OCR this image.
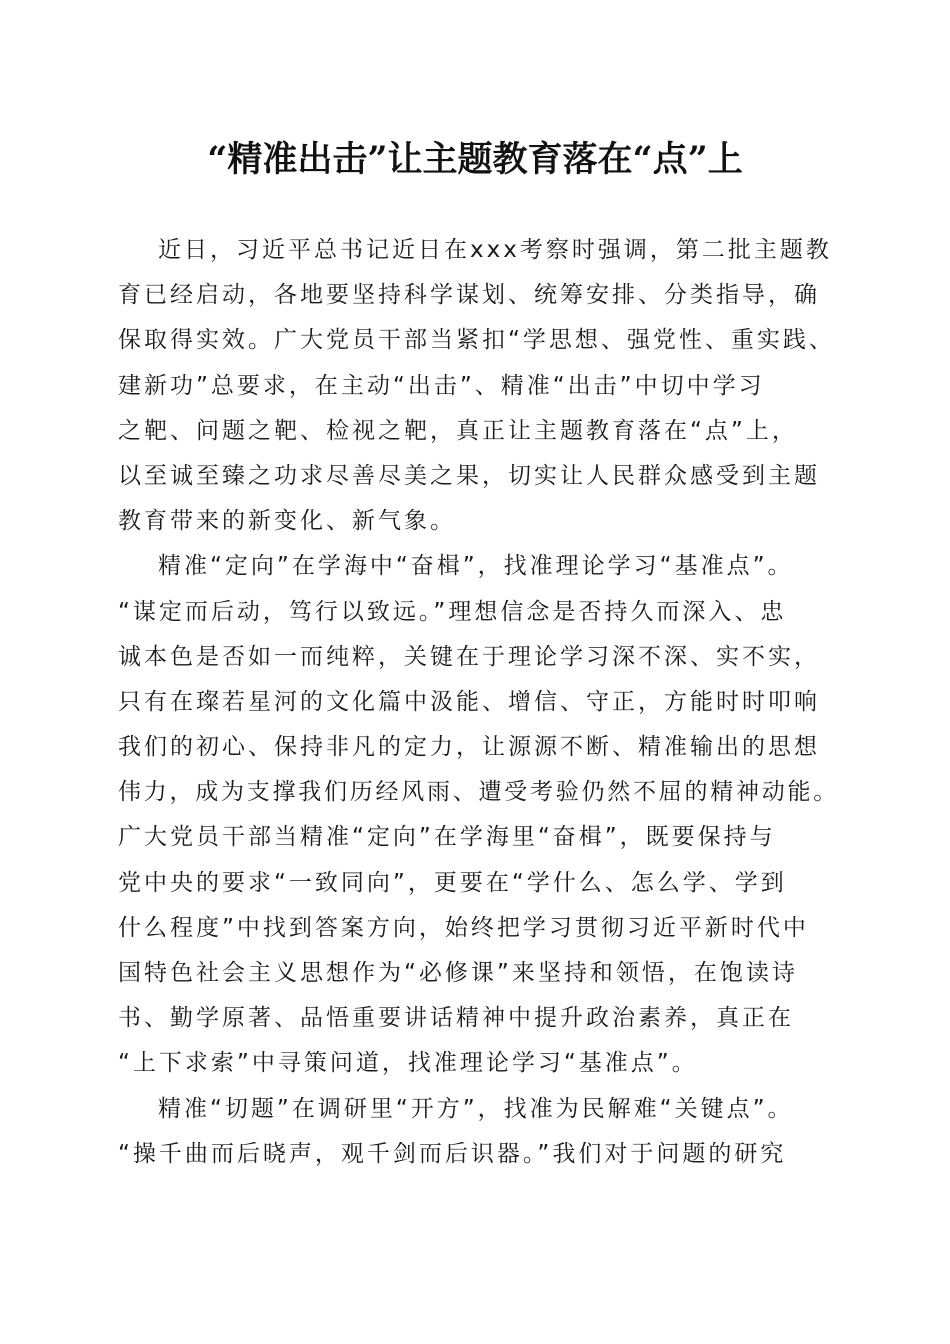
“精准出击”让主题教育落在“点”上
近日，习近平总书记近日在xxx考察时强调，第二批主题教
育已经启动，各地要坚持科学谋划、统筹安排、分类指导，确
保取得实效。广大党员干部当紧扣“学思想、强党性、重实践、
建新功”总要求，在主动“出击”、精准“出击”中切中学习
之靶、问题之靶、检视之靶，真正让主题教育落在“点”上，
以至诚至臻之功求尽善尽美之果，切实让人民群众感受到主题
教育带来的新变化、新气象。
精准“定向”在学海中“奋楫”，找准理论学习“基准点”。
“谋定而后动，笃行以致远。”理想信念是否持久而深入、忠
诚本色是否如一而纯粹，关键在于理论学习深不深、实不实，
只有在璨若星河的文化篇中汲能、增信、守正，方能时时叩响
我们的初心、保持非凡的定力，让源源不断、精准输出的思想
伟力，成为支撑我们历经风雨、遭受考验仍然不屈的精神动能。
广大党员干部当精准“定向”在学海里“奋楫”，既要保持与
党中央的要求“一致同向”，更要在“学什么、怎么学、学到
什么程度”中找到答案方向，始终把学习贯彻习近平新时代中
国特色社会主义思想作为“必修课”来坚持和领悟，在饱读诗
书、勤学原著、品悟重要讲话精神中提升政治素养，真正在
“上下求索”中寻策问道，找准理论学习“基准点”。
精准“切题”在调研里“开方”，找准为民解难“关键点”。
“操千曲而后晓声，观千剑而后识器。”我们对于问题的研究
